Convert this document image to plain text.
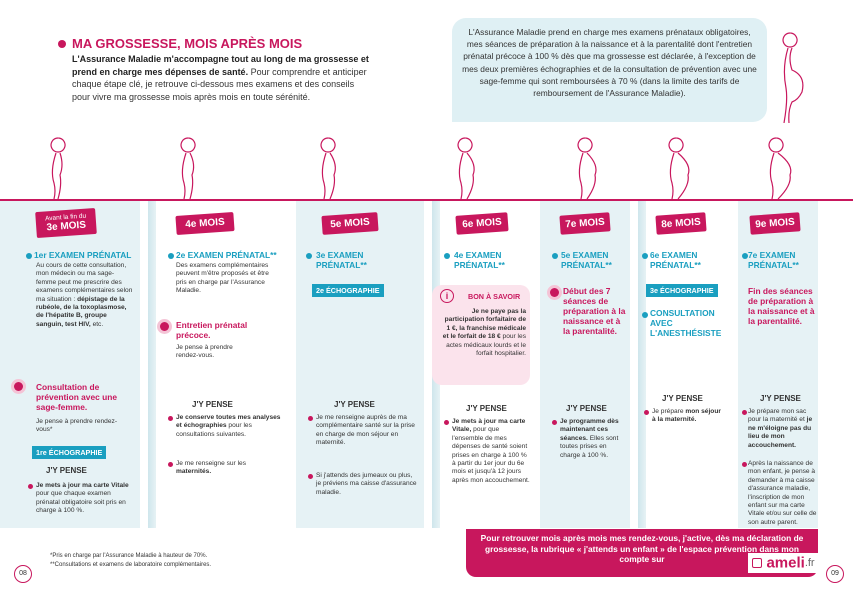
MA GROSSESSE, MOIS APRÈS MOIS
L'Assurance Maladie m'accompagne tout au long de ma grossesse et prend en charge mes dépenses de santé. Pour comprendre et anticiper chaque étape clé, je retrouve ci-dessous mes examens et des conseils pour vivre ma grossesse mois après mois en toute sérénité.
L'Assurance Maladie prend en charge mes examens prénataux obligatoires, mes séances de préparation à la naissance et à la parentalité dont l'entretien prénatal précoce à 100 % dès que ma grossesse est déclarée, à l'exception de mes deux premières échographies et de la consultation de prévention avec une sage-femme qui sont remboursées à 70 % (dans la limite des tarifs de remboursement de l'Assurance Maladie).
Avant la fin du
3e MOIS	4e MOIS	5e MOIS	6e MOIS	7e MOIS	8e MOIS	9e MOIS
1er EXAMEN PRÉNATAL
Au cours de cette consultation, mon médecin ou ma sage-femme peut me prescrire des examens complémentaires selon ma situation : dépistage de la rubéole, de la toxoplasmose, de l'hépatite B, groupe sanguin, test HIV, etc.
Consultation de prévention avec une sage-femme.
Je pense à prendre rendez-vous*
1re ÉCHOGRAPHIE
J'Y PENSE
Je mets à jour ma carte Vitale pour que chaque examen prénatal obligatoire soit pris en charge à 100 %.
2e EXAMEN PRÉNATAL**
Des examens complémentaires peuvent m'être proposés et être pris en charge par l'Assurance Maladie.
Entretien prénatal précoce.
Je pense à prendre rendez-vous.
J'Y PENSE
Je conserve toutes mes analyses et échographies pour les consultations suivantes.
Je me renseigne sur les maternités.
3e EXAMEN PRÉNATAL**
2e ÉCHOGRAPHIE
J'Y PENSE
Je me renseigne auprès de ma complémentaire santé sur la prise en charge de mon séjour en maternité.
Si j'attends des jumeaux ou plus, je préviens ma caisse d'assurance maladie.
4e EXAMEN PRÉNATAL**
i	BON À SAVOIR
Je ne paye pas la participation forfaitaire de 1 €, la franchise médicale et le forfait de 18 € pour les actes médicaux lourds et le forfait hospitalier.
J'Y PENSE
Je mets à jour ma carte Vitale, pour que l'ensemble de mes dépenses de santé soient prises en charge à 100 % à partir du 1er jour du 6e mois et jusqu'à 12 jours après mon accouchement.
5e EXAMEN PRÉNATAL**
Début des 7 séances de préparation à la naissance et à la parentalité.
J'Y PENSE
Je programme dès maintenant ces séances. Elles sont toutes prises en charge à 100 %.
6e EXAMEN PRÉNATAL**
3e ÉCHOGRAPHIE
CONSULTATION AVEC L'ANESTHÉSISTE
J'Y PENSE
Je prépare mon séjour à la maternité.
7e EXAMEN PRÉNATAL**
Fin des séances de préparation à la naissance et à la parentalité.
J'Y PENSE
Je prépare mon sac pour la maternité et je ne m'éloigne pas du lieu de mon accouchement.
Après la naissance de mon enfant, je pense à demander à ma caisse d'assurance maladie, l'inscription de mon enfant sur ma carte Vitale et/ou sur celle de son autre parent.
*Pris en charge par l'Assurance Maladie à hauteur de 70%.
**Consultations et examens de laboratoire complémentaires.
08	09
Pour retrouver mois après mois mes rendez-vous, j'active, dès ma déclaration de grossesse, la rubrique « j'attends un enfant » de l'espace prévention dans mon compte sur	ameli.fr
